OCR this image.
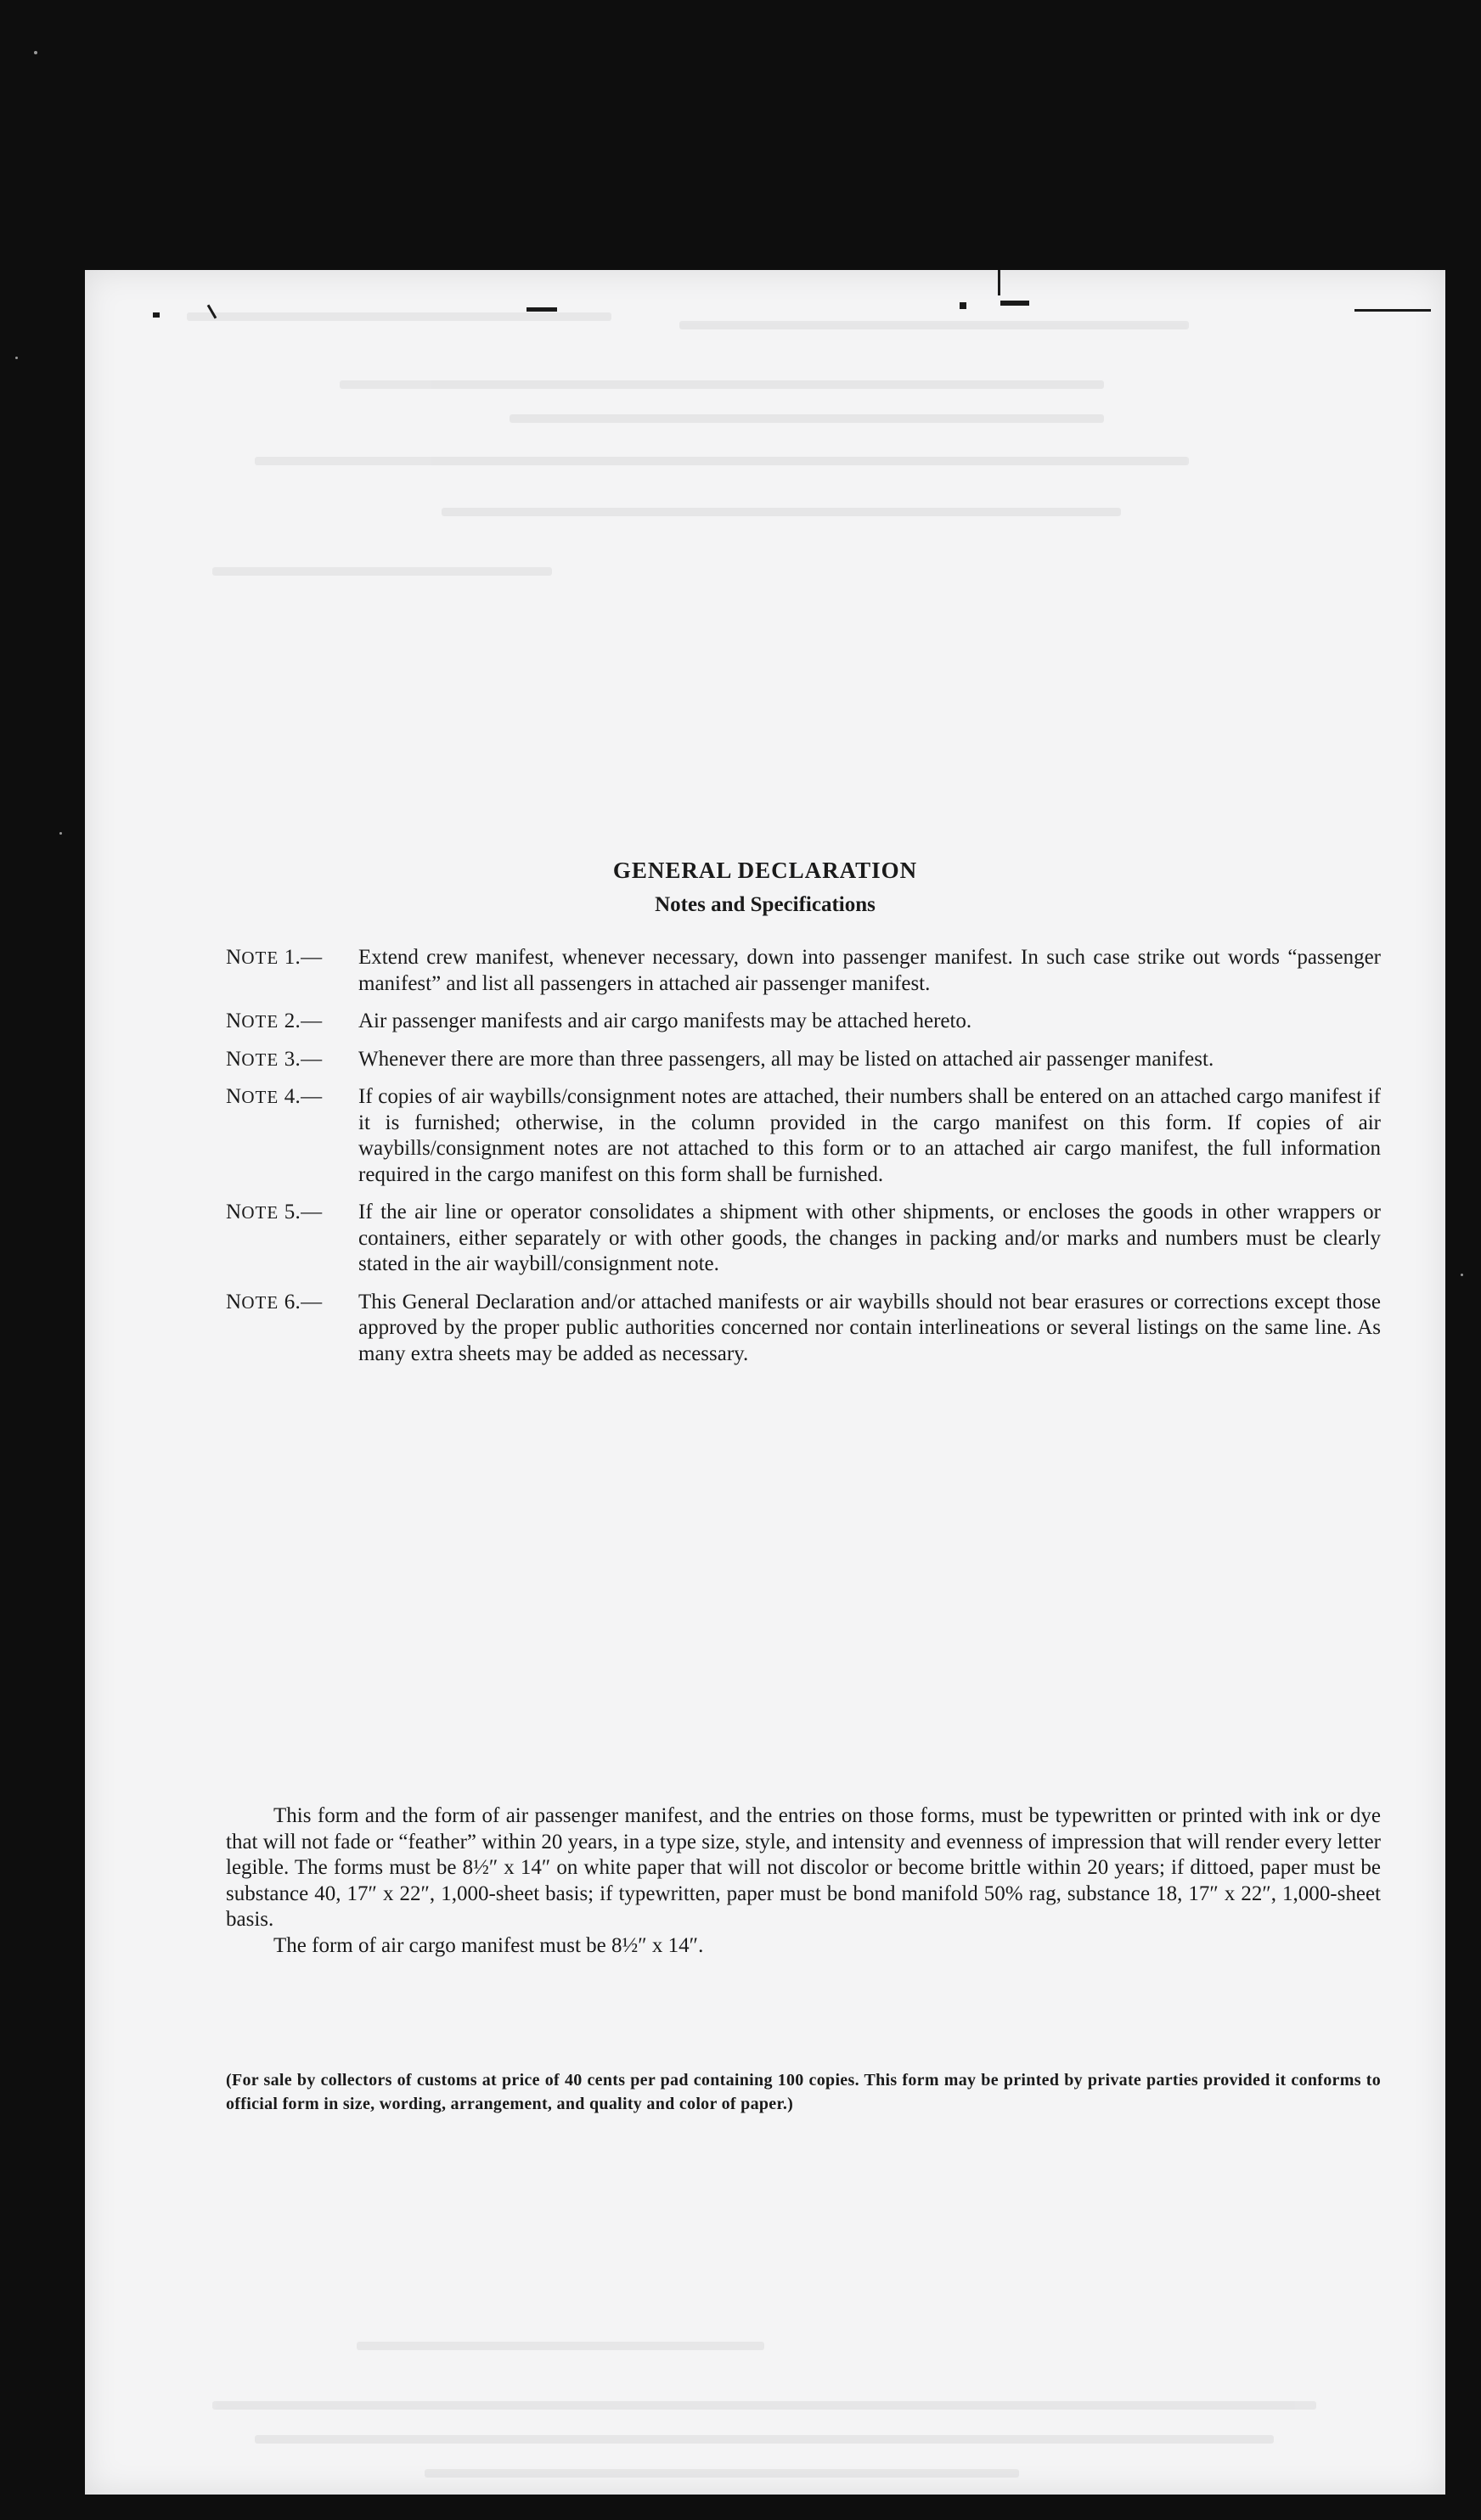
GENERAL DECLARATION
Notes and Specifications
NOTE 1.—	Extend crew manifest, whenever necessary, down into passenger manifest. In such case strike out words “passenger manifest” and list all passengers in attached air passenger manifest.
NOTE 2.—	Air passenger manifests and air cargo manifests may be attached hereto.
NOTE 3.—	Whenever there are more than three passengers, all may be listed on attached air passenger manifest.
NOTE 4.—	If copies of air waybills/consignment notes are attached, their numbers shall be entered on an attached cargo manifest if it is furnished; otherwise, in the column provided in the cargo manifest on this form. If copies of air waybills/consignment notes are not attached to this form or to an attached air cargo manifest, the full information required in the cargo manifest on this form shall be furnished.
NOTE 5.—	If the air line or operator consolidates a shipment with other shipments, or encloses the goods in other wrappers or containers, either separately or with other goods, the changes in packing and/or marks and numbers must be clearly stated in the air waybill/consignment note.
NOTE 6.—	This General Declaration and/or attached manifests or air waybills should not bear erasures or corrections except those approved by the proper public authorities concerned nor contain interlineations or several listings on the same line. As many extra sheets may be added as necessary.

This form and the form of air passenger manifest, and the entries on those forms, must be typewritten or printed with ink or dye that will not fade or “feather” within 20 years, in a type size, style, and intensity and evenness of impression that will render every letter legible. The forms must be 8½″ x 14″ on white paper that will not discolor or become brittle within 20 years; if dittoed, paper must be substance 40, 17″ x 22″, 1,000-sheet basis; if typewritten, paper must be bond manifold 50% rag, substance 18, 17″ x 22″, 1,000-sheet basis.

The form of air cargo manifest must be 8½″ x 14″.

(For sale by collectors of customs at price of 40 cents per pad containing 100 copies. This form may be printed by private parties provided it conforms to official form in size, wording, arrangement, and quality and color of paper.)
